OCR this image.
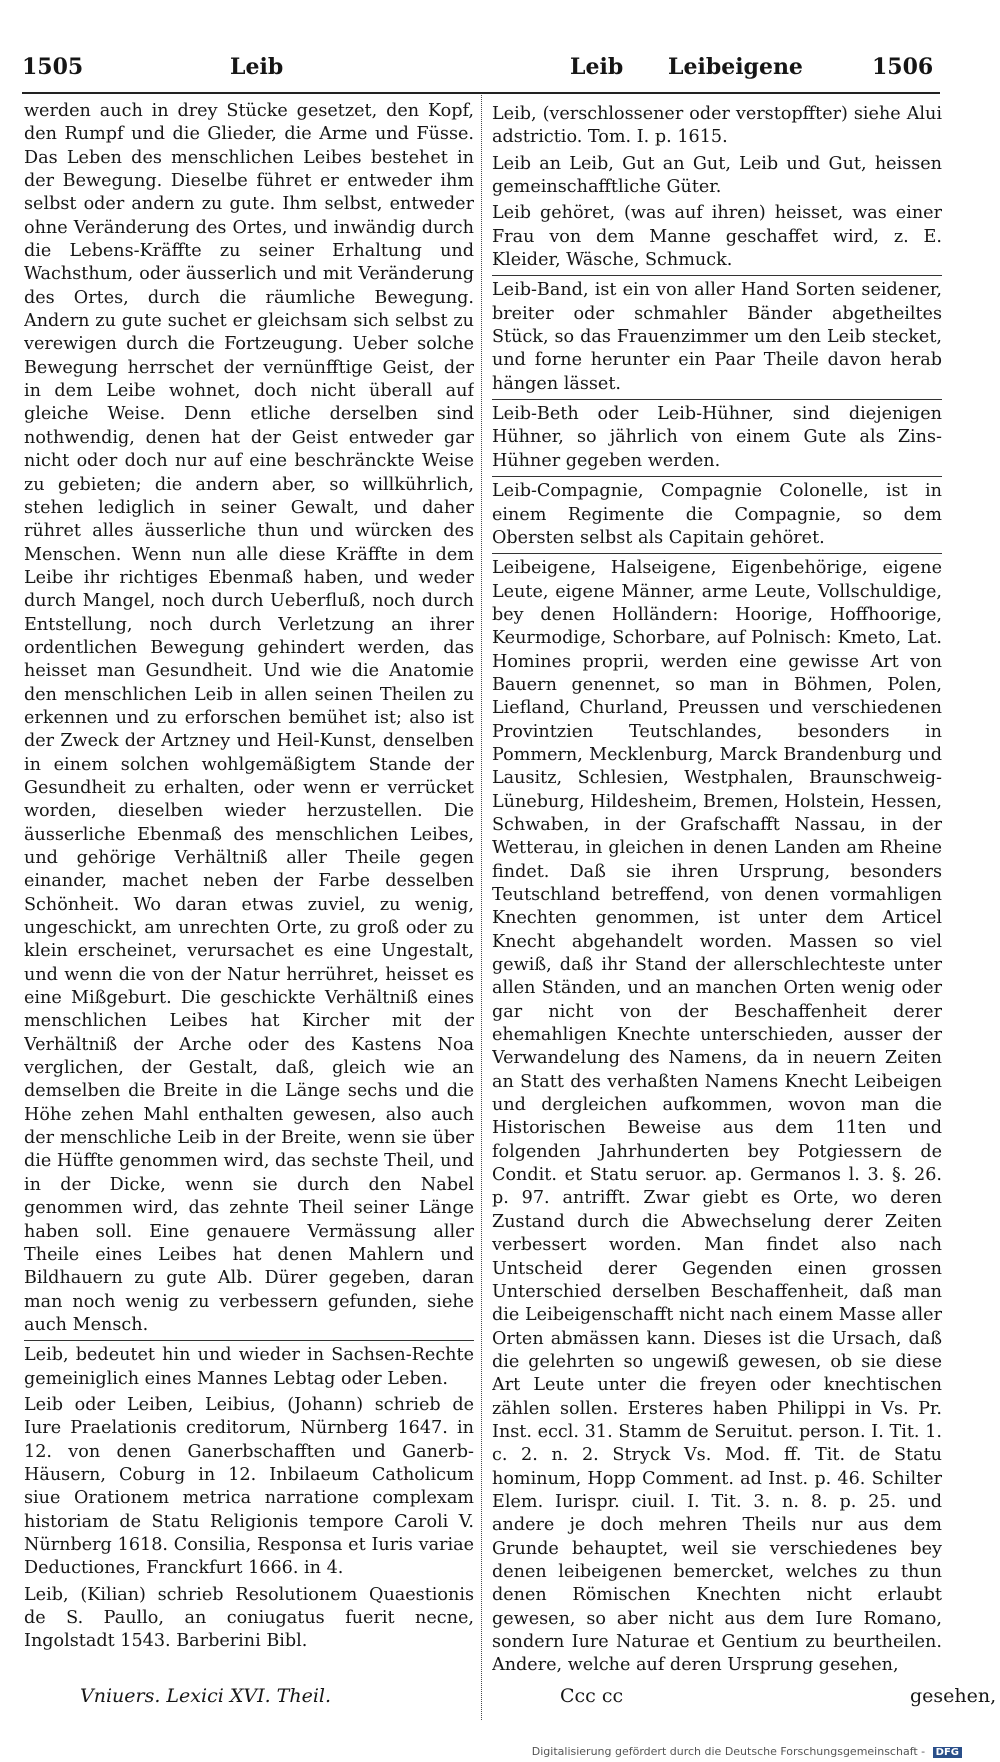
1505	Leib	Leib Leibeigene	1506

werden auch in drey Stücke gesetzet, den Kopf, den Rumpf und die Glieder, die Arme und Füsse. Das Leben des menschlichen Leibes bestehet in der Bewegung. Dieselbe führet er entweder ihm selbst oder andern zu gute. Ihm selbst, entweder ohne Veränderung des Ortes, und inwändig durch die Lebens-Kräffte zu seiner Erhaltung und Wachsthum, oder äusserlich und mit Veränderung des Ortes, durch die räumliche Bewegung. Andern zu gute suchet er gleichsam sich selbst zu verewigen durch die Fortzeugung. Ueber solche Bewegung herrschet der vernünfftige Geist, der in dem Leibe wohnet, doch nicht überall auf gleiche Weise. Denn etliche derselben sind nothwendig, denen hat der Geist entweder gar nicht oder doch nur auf eine beschränckte Weise zu gebieten; die andern aber, so willkührlich, stehen lediglich in seiner Gewalt, und daher rühret alles äusserliche thun und würcken des Menschen. Wenn nun alle diese Kräffte in dem Leibe ihr richtiges Ebenmaß haben, und weder durch Mangel, noch durch Ueberfluß, noch durch Entstellung, noch durch Verletzung an ihrer ordentlichen Bewegung gehindert werden, das heisset man Gesundheit. Und wie die Anatomie den menschlichen Leib in allen seinen Theilen zu erkennen und zu erforschen bemühet ist; also ist der Zweck der Artzney und Heil-Kunst, denselben in einem solchen wohlgemäßigtem Stande der Gesundheit zu erhalten, oder wenn er verrücket worden, dieselben wieder herzustellen. Die äusserliche Ebenmaß des menschlichen Leibes, und gehörige Verhältniß aller Theile gegen einander, machet neben der Farbe desselben Schönheit. Wo daran etwas zuviel, zu wenig, ungeschickt, am unrechten Orte, zu groß oder zu klein erscheinet, verursachet es eine Ungestalt, und wenn die von der Natur herrühret, heisset es eine Mißgeburt. Die geschickte Verhältniß eines menschlichen Leibes hat Kircher mit der Verhältniß der Arche oder des Kastens Noa verglichen, der Gestalt, daß, gleich wie an demselben die Breite in die Länge sechs und die Höhe zehen Mahl enthalten gewesen, also auch der menschliche Leib in der Breite, wenn sie über die Hüffte genommen wird, das sechste Theil, und in der Dicke, wenn sie durch den Nabel genommen wird, das zehnte Theil seiner Länge haben soll. Eine genauere Vermässung aller Theile eines Leibes hat denen Mahlern und Bildhauern zu gute Alb. Dürer gegeben, daran man noch wenig zu verbessern gefunden, siehe auch Mensch.

Leib, bedeutet hin und wieder in Sachsen-Rechte gemeiniglich eines Mannes Lebtag oder Leben.

Leib oder Leiben, Leibius, (Johann) schrieb de Iure Praelationis creditorum, Nürnberg 1647. in 12. von denen Ganerbschafften und Ganerb-Häusern, Coburg in 12. Inbilaeum Catholicum siue Orationem metrica narratione complexam historiam de Statu Religionis tempore Caroli V. Nürnberg 1618. Consilia, Responsa et Iuris variae Deductiones, Franckfurt 1666. in 4.

Leib, (Kilian) schrieb Resolutionem Quaestionis de S. Paullo, an coniugatus fuerit necne, Ingolstadt 1543. Barberini Bibl.

Leib, (verschlossener oder verstopffter) siehe Alui adstrictio. Tom. I. p. 1615.

Leib an Leib, Gut an Gut, Leib und Gut, heissen gemeinschafftliche Güter.

Leib gehöret, (was auf ihren) heisset, was einer Frau von dem Manne geschaffet wird, z. E. Kleider, Wäsche, Schmuck.

Leib-Band, ist ein von aller Hand Sorten seidener, breiter oder schmahler Bänder abgetheiltes Stück, so das Frauenzimmer um den Leib stecket, und forne herunter ein Paar Theile davon herab hängen lässet.

Leib-Beth oder Leib-Hühner, sind diejenigen Hühner, so jährlich von einem Gute als Zins-Hühner gegeben werden.

Leib-Compagnie, Compagnie Colonelle, ist in einem Regimente die Compagnie, so dem Obersten selbst als Capitain gehöret.

Leibeigene, Halseigene, Eigenbehörige, eigene Leute, eigene Männer, arme Leute, Vollschuldige, bey denen Holländern: Hoorige, Hoffhoorige, Keurmodige, Schorbare, auf Polnisch: Kmeto, Lat. Homines proprii, werden eine gewisse Art von Bauern genennet, so man in Böhmen, Polen, Liefland, Churland, Preussen und verschiedenen Provintzien Teutschlandes, besonders in Pommern, Mecklenburg, Marck Brandenburg und Lausitz, Schlesien, Westphalen, Braunschweig-Lüneburg, Hildesheim, Bremen, Holstein, Hessen, Schwaben, in der Grafschafft Nassau, in der Wetterau, in gleichen in denen Landen am Rheine findet. Daß sie ihren Ursprung, besonders Teutschland betreffend, von denen vormahligen Knechten genommen, ist unter dem Articel Knecht abgehandelt worden. Massen so viel gewiß, daß ihr Stand der allerschlechteste unter allen Ständen, und an manchen Orten wenig oder gar nicht von der Beschaffenheit derer ehemahligen Knechte unterschieden, ausser der Verwandelung des Namens, da in neuern Zeiten an Statt des verhaßten Namens Knecht Leibeigen und dergleichen aufkommen, wovon man die Historischen Beweise aus dem 11ten und folgenden Jahrhunderten bey Potgiessern de Condit. et Statu seruor. ap. Germanos l. 3. §. 26. p. 97. antrifft. Zwar giebt es Orte, wo deren Zustand durch die Abwechselung derer Zeiten verbessert worden. Man findet also nach Untscheid derer Gegenden einen grossen Unterschied derselben Beschaffenheit, daß man die Leibeigenschafft nicht nach einem Masse aller Orten abmässen kann. Dieses ist die Ursach, daß die gelehrten so ungewiß gewesen, ob sie diese Art Leute unter die freyen oder knechtischen zählen sollen. Ersteres haben Philippi in Vs. Pr. Inst. eccl. 31. Stamm de Seruitut. person. I. Tit. 1. c. 2. n. 2. Stryck Vs. Mod. ff. Tit. de Statu hominum, Hopp Comment. ad Inst. p. 46. Schilter Elem. Iurispr. ciuil. I. Tit. 3. n. 8. p. 25. und andere je doch mehren Theils nur aus dem Grunde behauptet, weil sie verschiedenes bey denen leibeigenen bemercket, welches zu thun denen Römischen Knechten nicht erlaubt gewesen, so aber nicht aus dem Iure Romano, sondern Iure Naturae et Gentium zu beurtheilen. Andere, welche auf deren Ursprung gesehen,

Vniuers. Lexici XVI. Theil.	Ccc cc	gesehen,
Digitalisierung gefördert durch die Deutsche Forschungsgemeinschaft - DFG
